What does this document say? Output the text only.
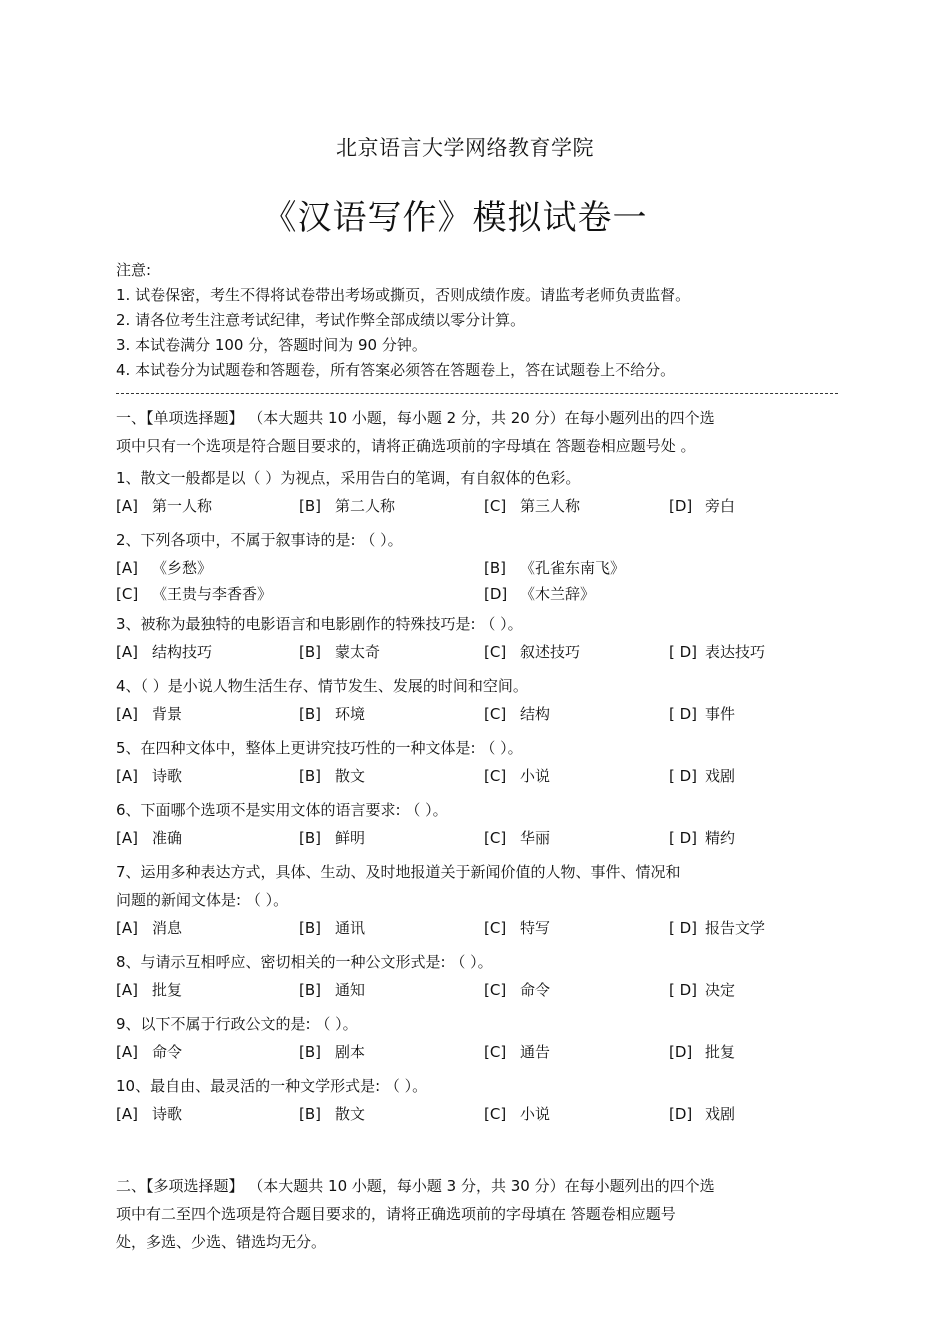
北京语言大学网络教育学院
《汉语写作》模拟试卷一
注意:
1. 试卷保密，考生不得将试卷带出考场或撕页，否则成绩作废。请监考老师负责监督。
2. 请各位考生注意考试纪律，考试作弊全部成绩以零分计算。
3. 本试卷满分 100 分，答题时间为 90 分钟。
4. 本试卷分为试题卷和答题卷，所有答案必须答在答题卷上，答在试题卷上不给分。
一、【单项选择题】 （本大题共 10 小题，每小题 2 分，共 20 分）在每小题列出的四个选
项中只有一个选项是符合题目要求的，请将正确选项前的字母填在 答题卷相应题号处 。
1、散文一般都是以（ ）为视点，采用告白的笔调，有自叙体的色彩。
[A] 第一人称	[B] 第二人称	[C] 第三人称	[D] 旁白
2、下列各项中，不属于叙事诗的是: （ ）。
[A] 《乡愁》	[B] 《孔雀东南飞》
[C] 《王贵与李香香》	[D] 《木兰辞》
3、被称为最独特的电影语言和电影剧作的特殊技巧是: （ ）。
[A] 结构技巧	[B] 蒙太奇	[C] 叙述技巧	[ D] 表达技巧
4、（ ）是小说人物生活生存、情节发生、发展的时间和空间。
[A] 背景	[B] 环境	[C] 结构	[ D] 事件
5、在四种文体中，整体上更讲究技巧性的一种文体是: （ ）。
[A] 诗歌	[B] 散文	[C] 小说	[ D] 戏剧
6、下面哪个选项不是实用文体的语言要求: （ ）。
[A] 准确	[B] 鲜明	[C] 华丽	[ D] 精约
7、运用多种表达方式，具体、生动、及时地报道关于新闻价值的人物、事件、情况和
问题的新闻文体是: （ ）。
[A] 消息	[B] 通讯	[C] 特写	[ D] 报告文学
8、与请示互相呼应、密切相关的一种公文形式是: （ ）。
[A] 批复	[B] 通知	[C] 命令	[ D] 决定
9、以下不属于行政公文的是: （ ）。
[A] 命令	[B] 剧本	[C] 通告	[D] 批复
10、最自由、最灵活的一种文学形式是: （ ）。
[A] 诗歌	[B] 散文	[C] 小说	[D] 戏剧
二、【多项选择题】 （本大题共 10 小题，每小题 3 分，共 30 分）在每小题列出的四个选
项中有二至四个选项是符合题目要求的，请将正确选项前的字母填在 答题卷相应题号
处，多选、少选、错选均无分。
